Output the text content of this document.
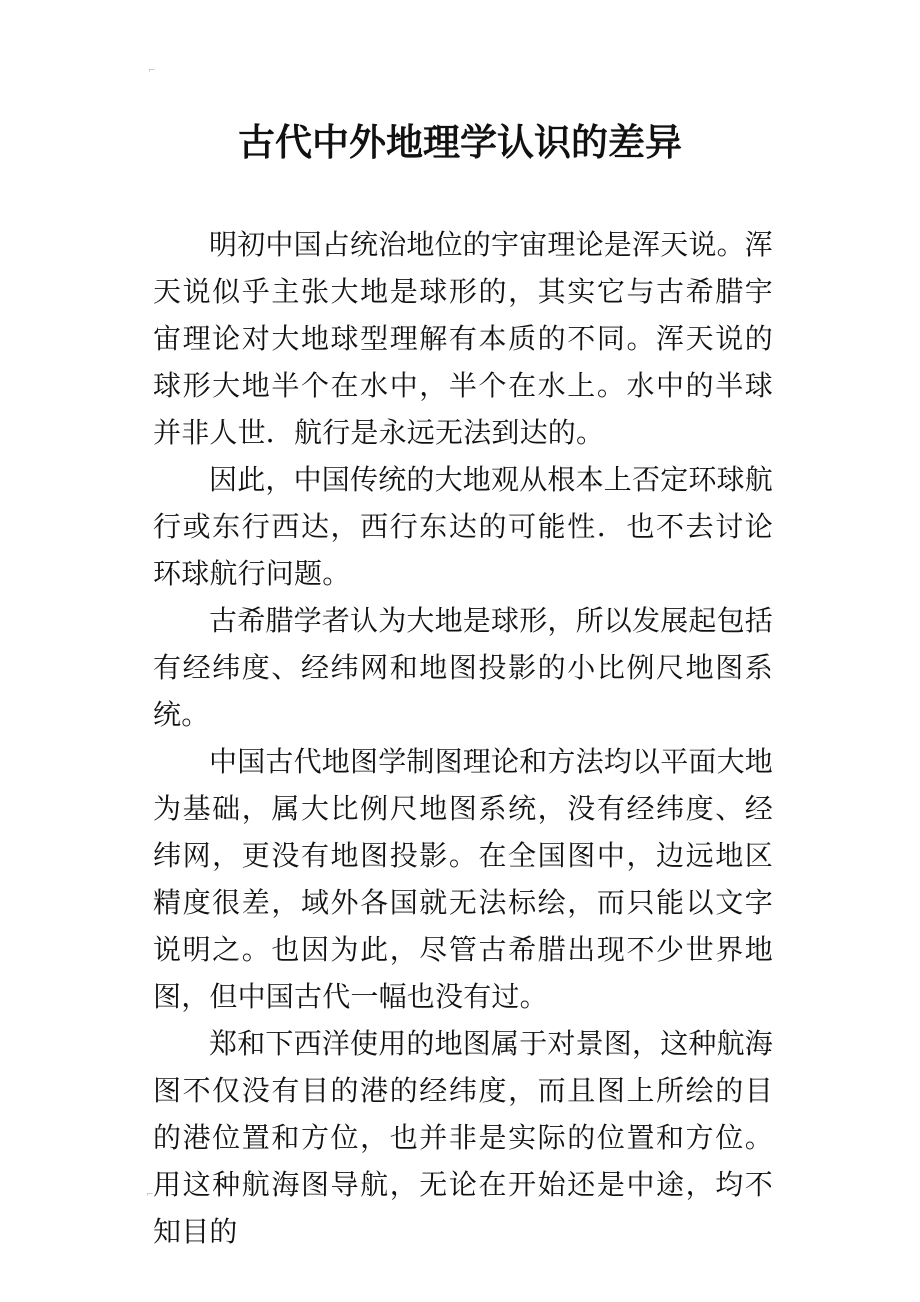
⌐
古代中外地理学认识的差异

明初中国占统治地位的宇宙理论是浑天说。浑天说似乎主张大地是球形的，其实它与古希腊宇宙理论对大地球型理解有本质的不同。浑天说的球形大地半个在水中，半个在水上。水中的半球并非人世．航行是永远无法到达的。

因此，中国传统的大地观从根本上否定环球航行或东行西达，西行东达的可能性．也不去讨论环球航行问题。

古希腊学者认为大地是球形，所以发展起包括有经纬度、经纬网和地图投影的小比例尺地图系统。

中国古代地图学制图理论和方法均以平面大地为基础，属大比例尺地图系统，没有经纬度、经纬网，更没有地图投影。在全国图中，边远地区精度很差，域外各国就无法标绘，而只能以文字说明之。也因为此，尽管古希腊出现不少世界地图，但中国古代一幅也没有过。

郑和下西洋使用的地图属于对景图，这种航海图不仅没有目的港的经纬度，而且图上所绘的目的港位置和方位，也并非是实际的位置和方位。用这种航海图导航，无论在开始还是中途，均不知目的

⌐
